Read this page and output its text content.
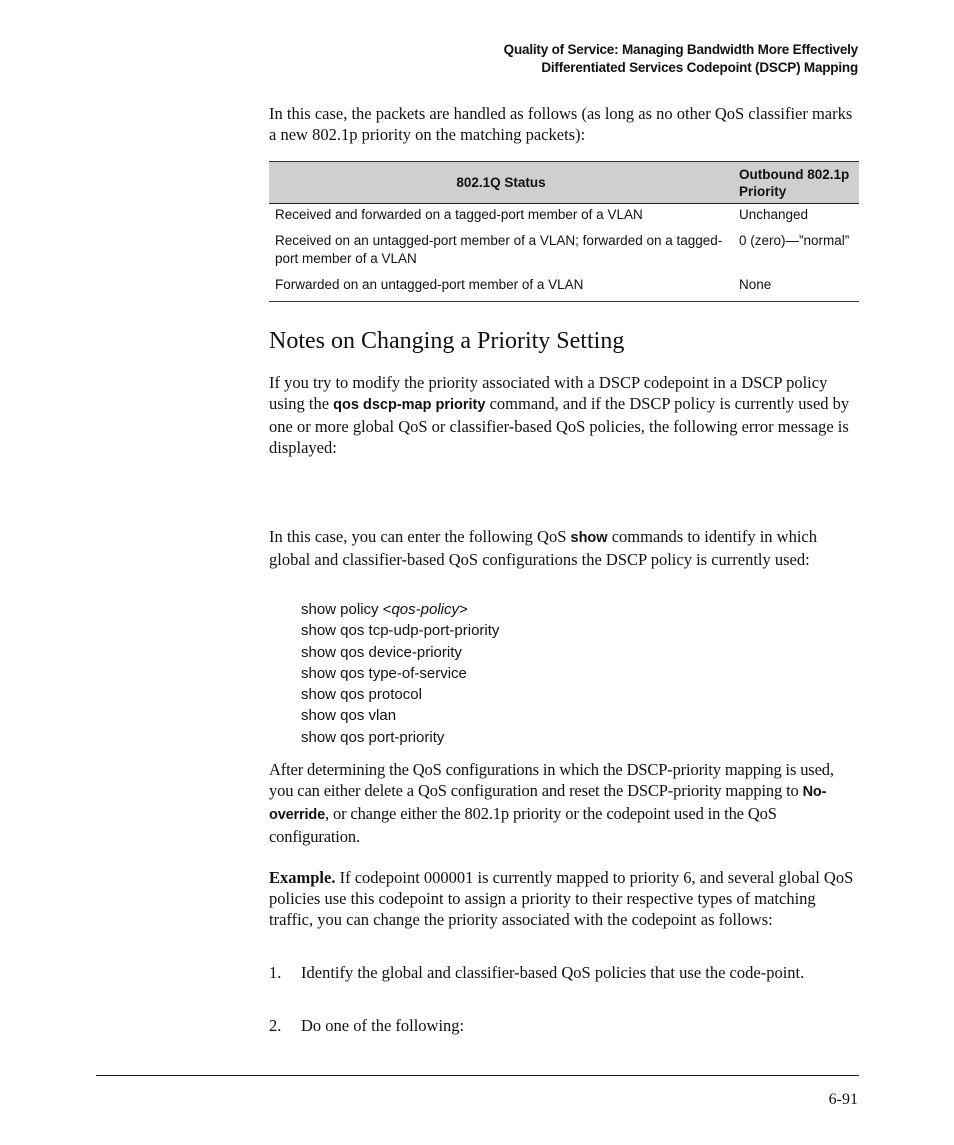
Quality of Service: Managing Bandwidth More Effectively
Differentiated Services Codepoint (DSCP) Mapping

In this case, the packets are handled as follows (as long as no other QoS classifier marks a new 802.1p priority on the matching packets):

802.1Q Status	Outbound 802.1p Priority
Received and forwarded on a tagged-port member of a VLAN	Unchanged
Received on an untagged-port member of a VLAN; forwarded on a tagged-port member of a VLAN	0 (zero)—”normal”
Forwarded on an untagged-port member of a VLAN	None
Notes on Changing a Priority Setting

If you try to modify the priority associated with a DSCP codepoint in a DSCP policy using the qos dscp-map priority command, and if the DSCP policy is currently used by one or more global QoS or classifier-based QoS policies, the following error message is displayed:

In this case, you can enter the following QoS show commands to identify in which global and classifier-based QoS configurations the DSCP policy is currently used:

show policy <qos-policy>
show qos tcp-udp-port-priority
show qos device-priority
show qos type-of-service
show qos protocol
show qos vlan
show qos port-priority

After determining the QoS configurations in which the DSCP-priority mapping is used, you can either delete a QoS configuration and reset the DSCP-priority mapping to No-override, or change either the 802.1p priority or the codepoint used in the QoS configuration.

Example. If codepoint 000001 is currently mapped to priority 6, and several global QoS policies use this codepoint to assign a priority to their respective types of matching traffic, you can change the priority associated with the codepoint as follows:

1. Identify the global and classifier-based QoS policies that use the code-point.
2. Do one of the following:
6-91
